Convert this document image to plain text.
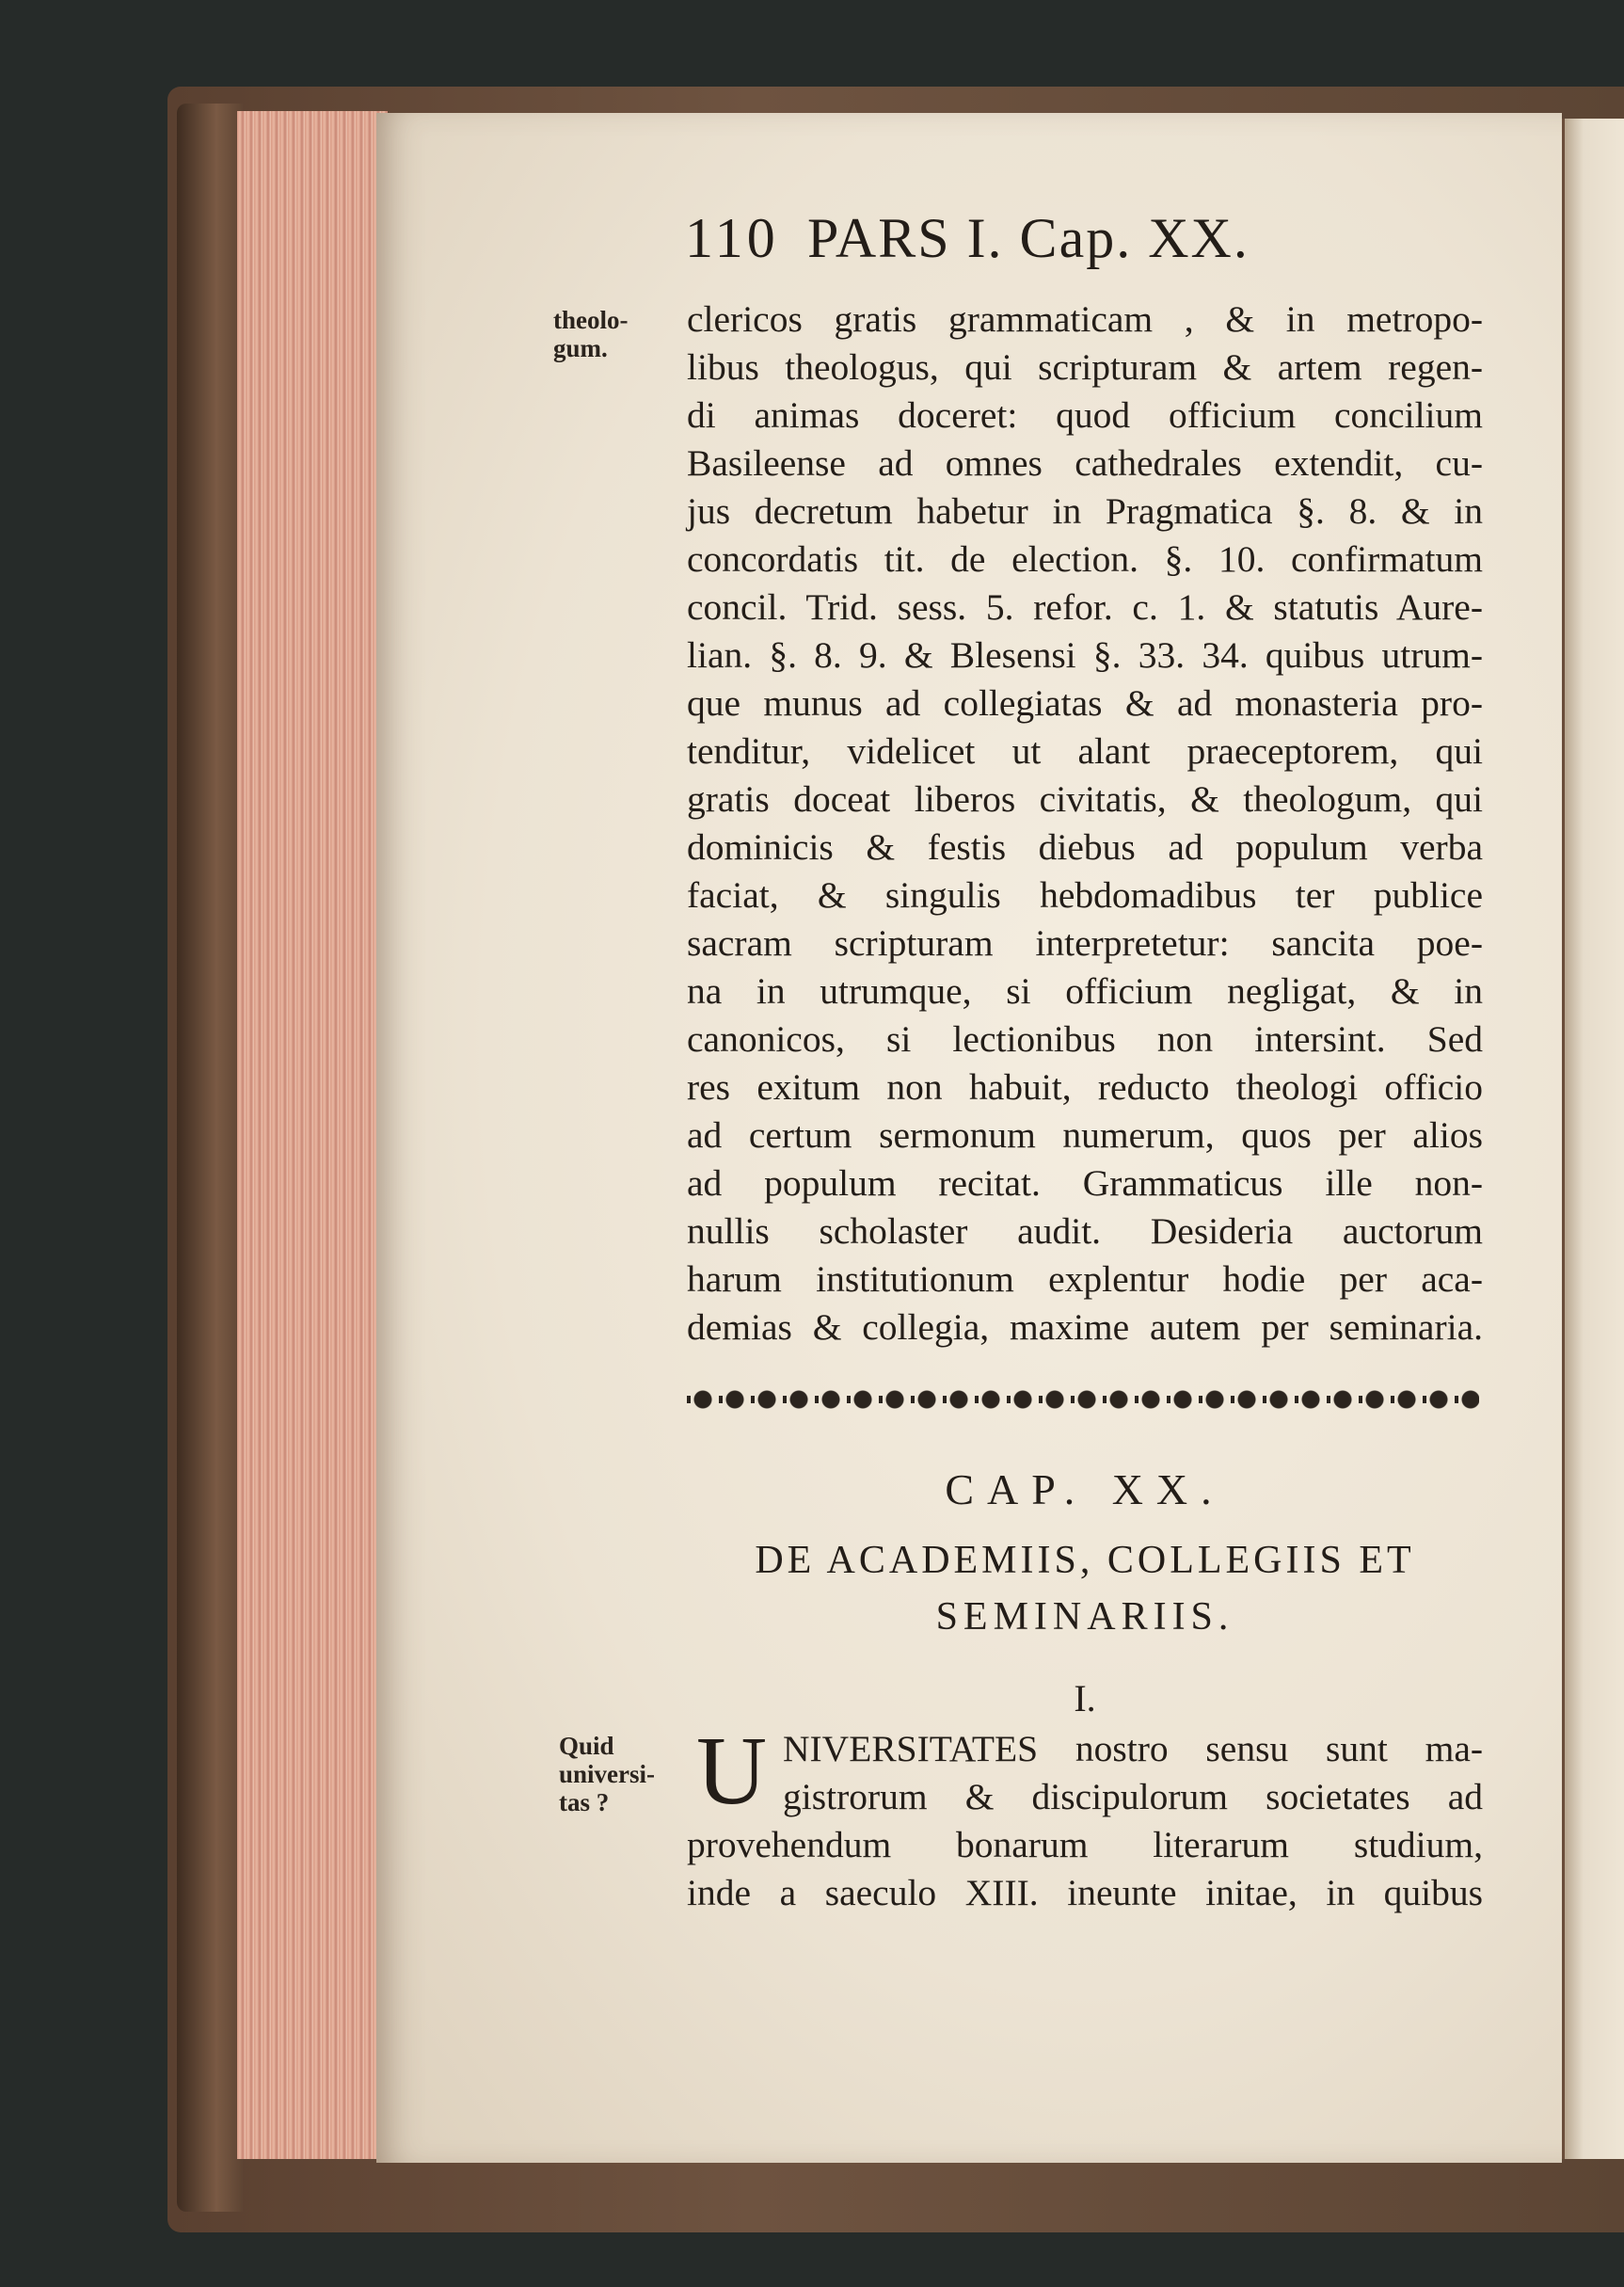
110 PARS I. Cap. XX.
theolo-
gum.
clericos gratis grammaticam , & in metropo-
libus theologus, qui scripturam & artem regen-
di animas doceret: quod officium concilium
Basileense ad omnes cathedrales extendit, cu-
jus decretum habetur in Pragmatica §. 8. & in
concordatis tit. de election. §. 10. confirmatum
concil. Trid. sess. 5. refor. c. 1. & statutis Aure-
lian. §. 8. 9. & Blesensi §. 33. 34. quibus utrum-
que munus ad collegiatas & ad monasteria pro-
tenditur, videlicet ut alant praeceptorem, qui
gratis doceat liberos civitatis, & theologum, qui
dominicis & festis diebus ad populum verba
faciat, & singulis hebdomadibus ter publice
sacram scripturam interpretetur: sancita poe-
na in utrumque, si officium negligat, & in
canonicos, si lectionibus non intersint. Sed
res exitum non habuit, reducto theologi officio
ad certum sermonum numerum, quos per alios
ad populum recitat. Grammaticus ille non-
nullis scholaster audit. Desideria auctorum
harum institutionum explentur hodie per aca-
demias & collegia, maxime autem per seminaria.
CAP. XX.
DE ACADEMIIS, COLLEGIIS ET
SEMINARIIS.
I.
Quid
universi-
tas ? U NIVERSITATES nostro sensu sunt ma-
gistrorum & discipulorum societates ad
provehendum bonarum literarum studium,
inde a saeculo XIII. ineunte initae, in quibus
